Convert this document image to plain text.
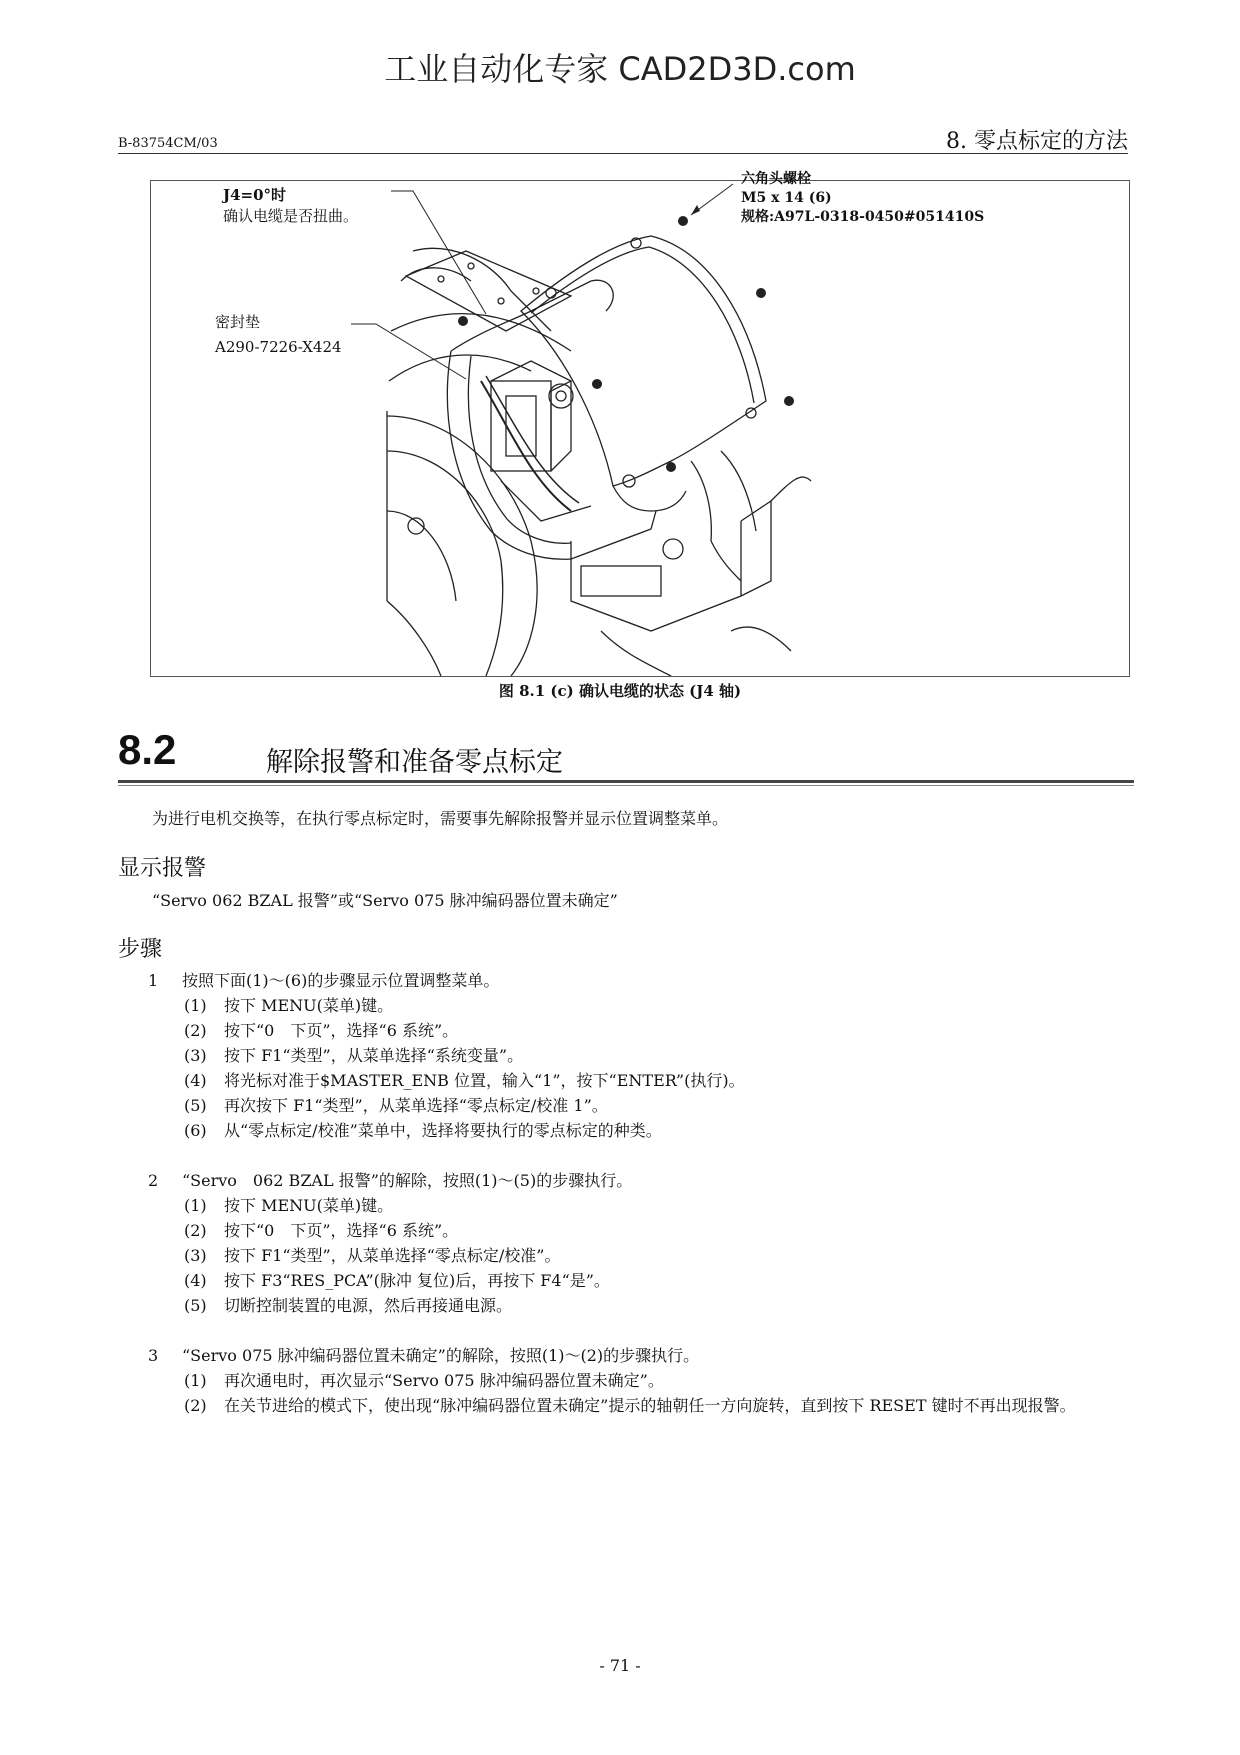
工业自动化专家 CAD2D3D.com
B-83754CM/03	8. 零点标定的方法
J4=0°时
确认电缆是否扭曲。
六角头螺栓
M5 x 14 (6)
规格:A97L-0318-0450#051410S
密封垫
A290-7226-X424
图 8.1 (c) 确认电缆的状态 (J4 轴)
8.2	解除报警和准备零点标定
为进行电机交换等，在执行零点标定时，需要事先解除报警并显示位置调整菜单。
显示报警
“Servo 062 BZAL 报警”或“Servo 075 脉冲编码器位置未确定”
步骤
1	按照下面(1)～(6)的步骤显示位置调整菜单。
(1)	按下 MENU(菜单)键。
(2)	按下“0　下页”，选择“6 系统”。
(3)	按下 F1“类型”，从菜单选择“系统变量”。
(4)	将光标对准于$MASTER_ENB 位置，输入“1”，按下“ENTER”(执行)。
(5)	再次按下 F1“类型”，从菜单选择“零点标定/校准 1”。
(6)	从“零点标定/校准”菜单中，选择将要执行的零点标定的种类。
2	“Servo　062 BZAL 报警”的解除，按照(1)～(5)的步骤执行。
(1)	按下 MENU(菜单)键。
(2)	按下“0　下页”，选择“6 系统”。
(3)	按下 F1“类型”，从菜单选择“零点标定/校准”。
(4)	按下 F3“RES_PCA”(脉冲 复位)后，再按下 F4“是”。
(5)	切断控制装置的电源，然后再接通电源。
3	“Servo 075 脉冲编码器位置未确定”的解除，按照(1)～(2)的步骤执行。
(1)	再次通电时，再次显示“Servo 075 脉冲编码器位置未确定”。
(2)	在关节进给的模式下，使出现“脉冲编码器位置未确定”提示的轴朝任一方向旋转，直到按下 RESET 键时不再出现报警。
- 71 -
